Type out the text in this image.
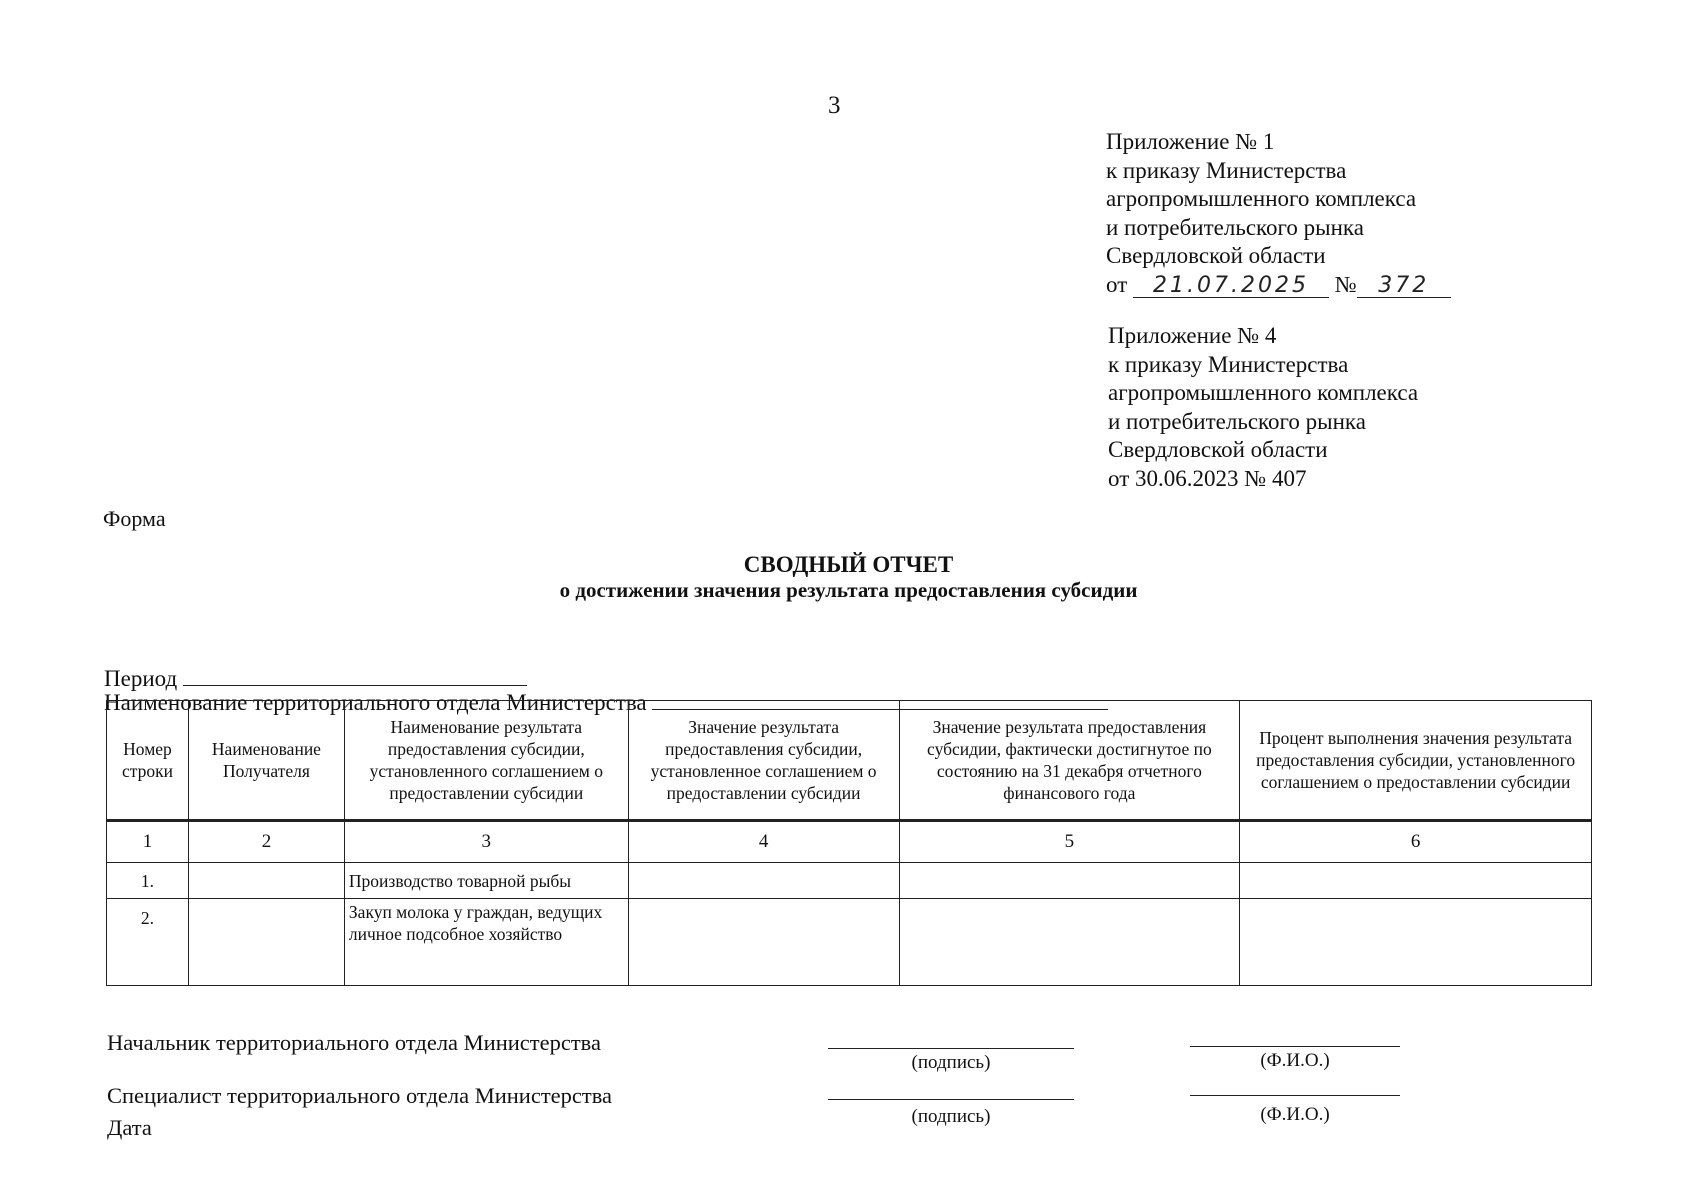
3
Приложение № 1
к приказу Министерства
агропромышленного комплекса
и потребительского рынка
Свердловской области
от 21.07.2025 № 372
Приложение № 4
к приказу Министерства
агропромышленного комплекса
и потребительского рынка
Свердловской области
от 30.06.2023 № 407
Форма
СВОДНЫЙ ОТЧЕТ
о достижении значения результата предоставления субсидии
Период
Наименование территориального отдела Министерства
Номер строки	Наименование Получателя	Наименование результата предоставления субсидии, установленного соглашением о предоставлении субсидии	Значение результата предоставления субсидии, установленное соглашением о предоставлении субсидии	Значение результата предоставления субсидии, фактически достигнутое по состоянию на 31 декабря отчетного финансового года	Процент выполнения значения результата предоставления субсидии, установленного соглашением о предоставлении субсидии
1	2	3	4	5	6
1.		Производство товарной рыбы			
2.		Закуп молока у граждан, ведущих личное подсобное хозяйство			
Начальник территориального отдела Министерства
(подпись)	(Ф.И.О.)
Специалист территориального отдела Министерства
(подпись)	(Ф.И.О.)
Дата
